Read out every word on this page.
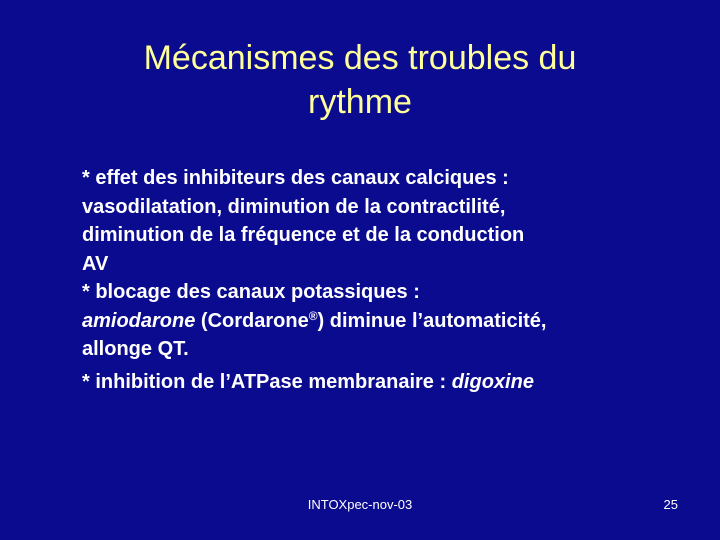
Mécanismes des troubles du
rythme
* effet des inhibiteurs des canaux calciques :
vasodilatation, diminution de la contractilité,
diminution de la fréquence et de la conduction
AV
* blocage des canaux potassiques :
amiodarone (Cordarone®) diminue l’automaticité,
allonge QT.
* inhibition de l’ATPase membranaire : digoxine
INTOXpec-nov-03	25
